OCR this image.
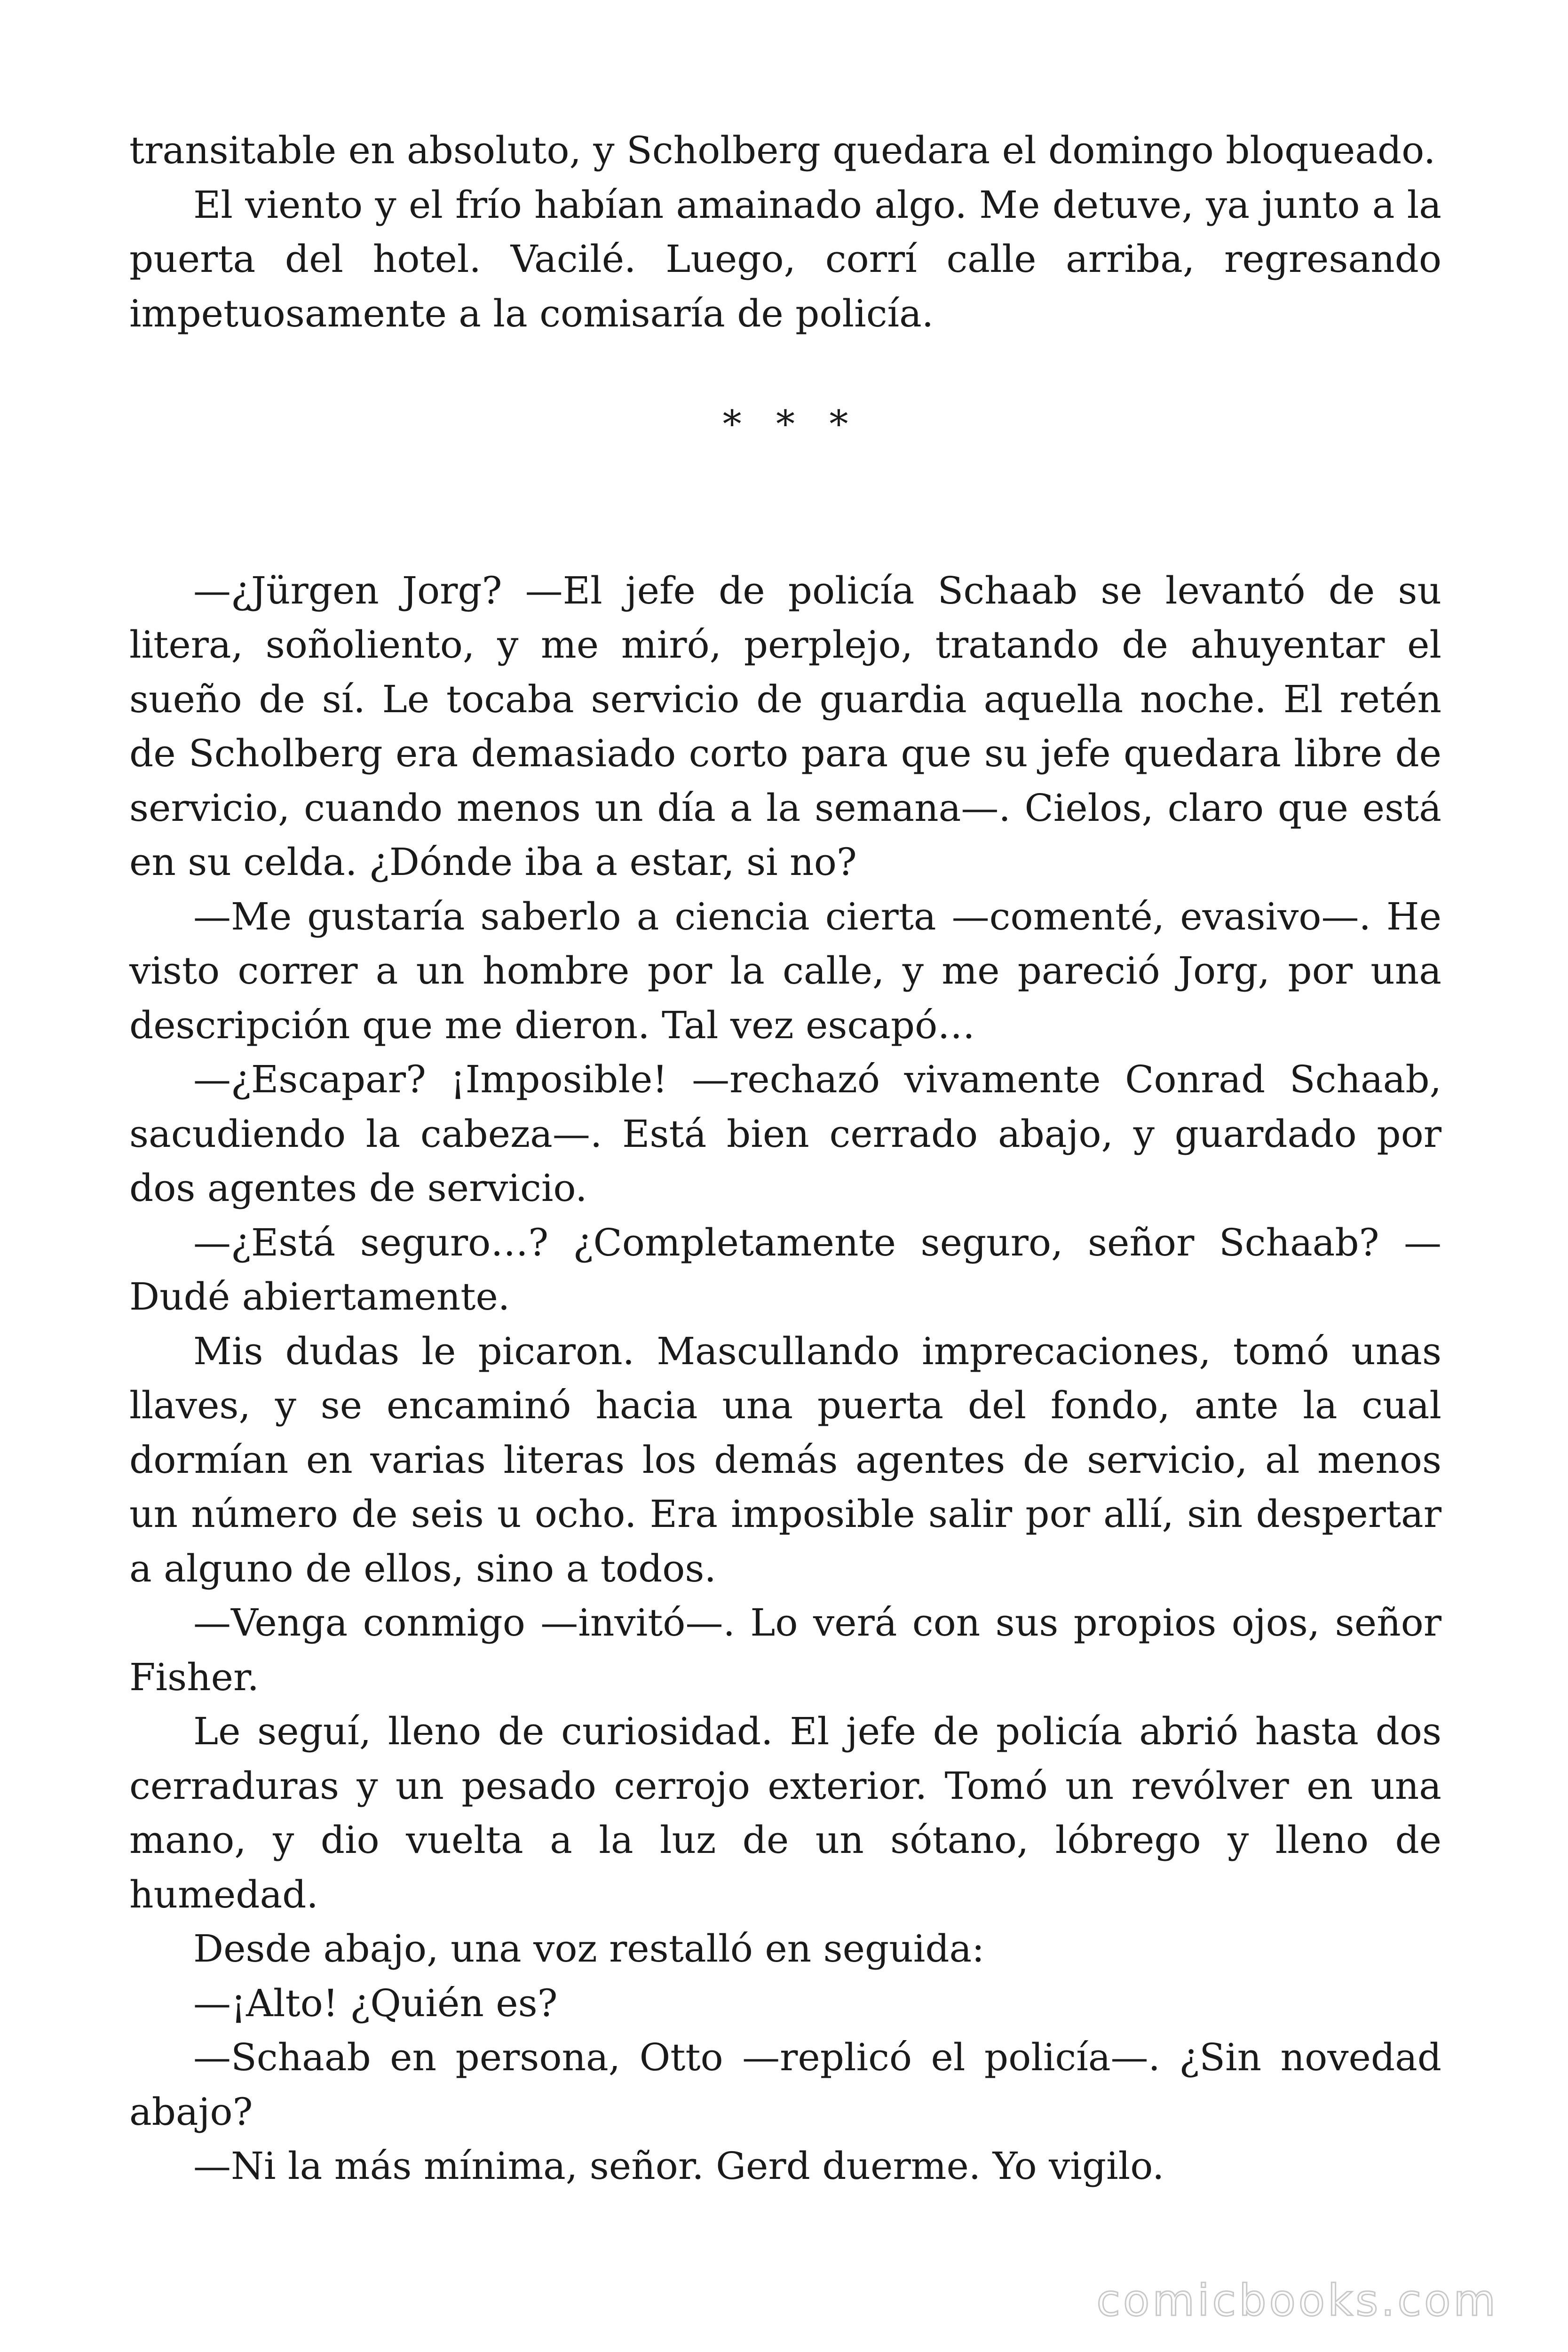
transitable en absoluto, y Scholberg quedara el domingo bloqueado.

El viento y el frío habían amainado algo. Me detuve, ya junto a la puerta del hotel. Vacilé. Luego, corrí calle arriba, regresando impetuosamente a la comisaría de policía.

* * *

—¿Jürgen Jorg? —El jefe de policía Schaab se levantó de su litera, soñoliento, y me miró, perplejo, tratando de ahuyentar el sueño de sí. Le tocaba servicio de guardia aquella noche. El retén de Scholberg era demasiado corto para que su jefe quedara libre de servicio, cuando menos un día a la semana—. Cielos, claro que está en su celda. ¿Dónde iba a estar, si no?

—Me gustaría saberlo a ciencia cierta —comenté, evasivo—. He visto correr a un hombre por la calle, y me pareció Jorg, por una descripción que me dieron. Tal vez escapó…

—¿Escapar? ¡Imposible! —rechazó vivamente Conrad Schaab, sacudiendo la cabeza—. Está bien cerrado abajo, y guardado por dos agentes de servicio.

—¿Está seguro…? ¿Completamente seguro, señor Schaab? —Dudé abiertamente.

Mis dudas le picaron. Mascullando imprecaciones, tomó unas llaves, y se encaminó hacia una puerta del fondo, ante la cual dormían en varias literas los demás agentes de servicio, al menos un número de seis u ocho. Era imposible salir por allí, sin despertar a alguno de ellos, sino a todos.

—Venga conmigo —invitó—. Lo verá con sus propios ojos, señor Fisher.

Le seguí, lleno de curiosidad. El jefe de policía abrió hasta dos cerraduras y un pesado cerrojo exterior. Tomó un revólver en una mano, y dio vuelta a la luz de un sótano, lóbrego y lleno de humedad.

Desde abajo, una voz restalló en seguida:

—¡Alto! ¿Quién es?

—Schaab en persona, Otto —replicó el policía—. ¿Sin novedad abajo?

—Ni la más mínima, señor. Gerd duerme. Yo vigilo.

comicbooks.com
